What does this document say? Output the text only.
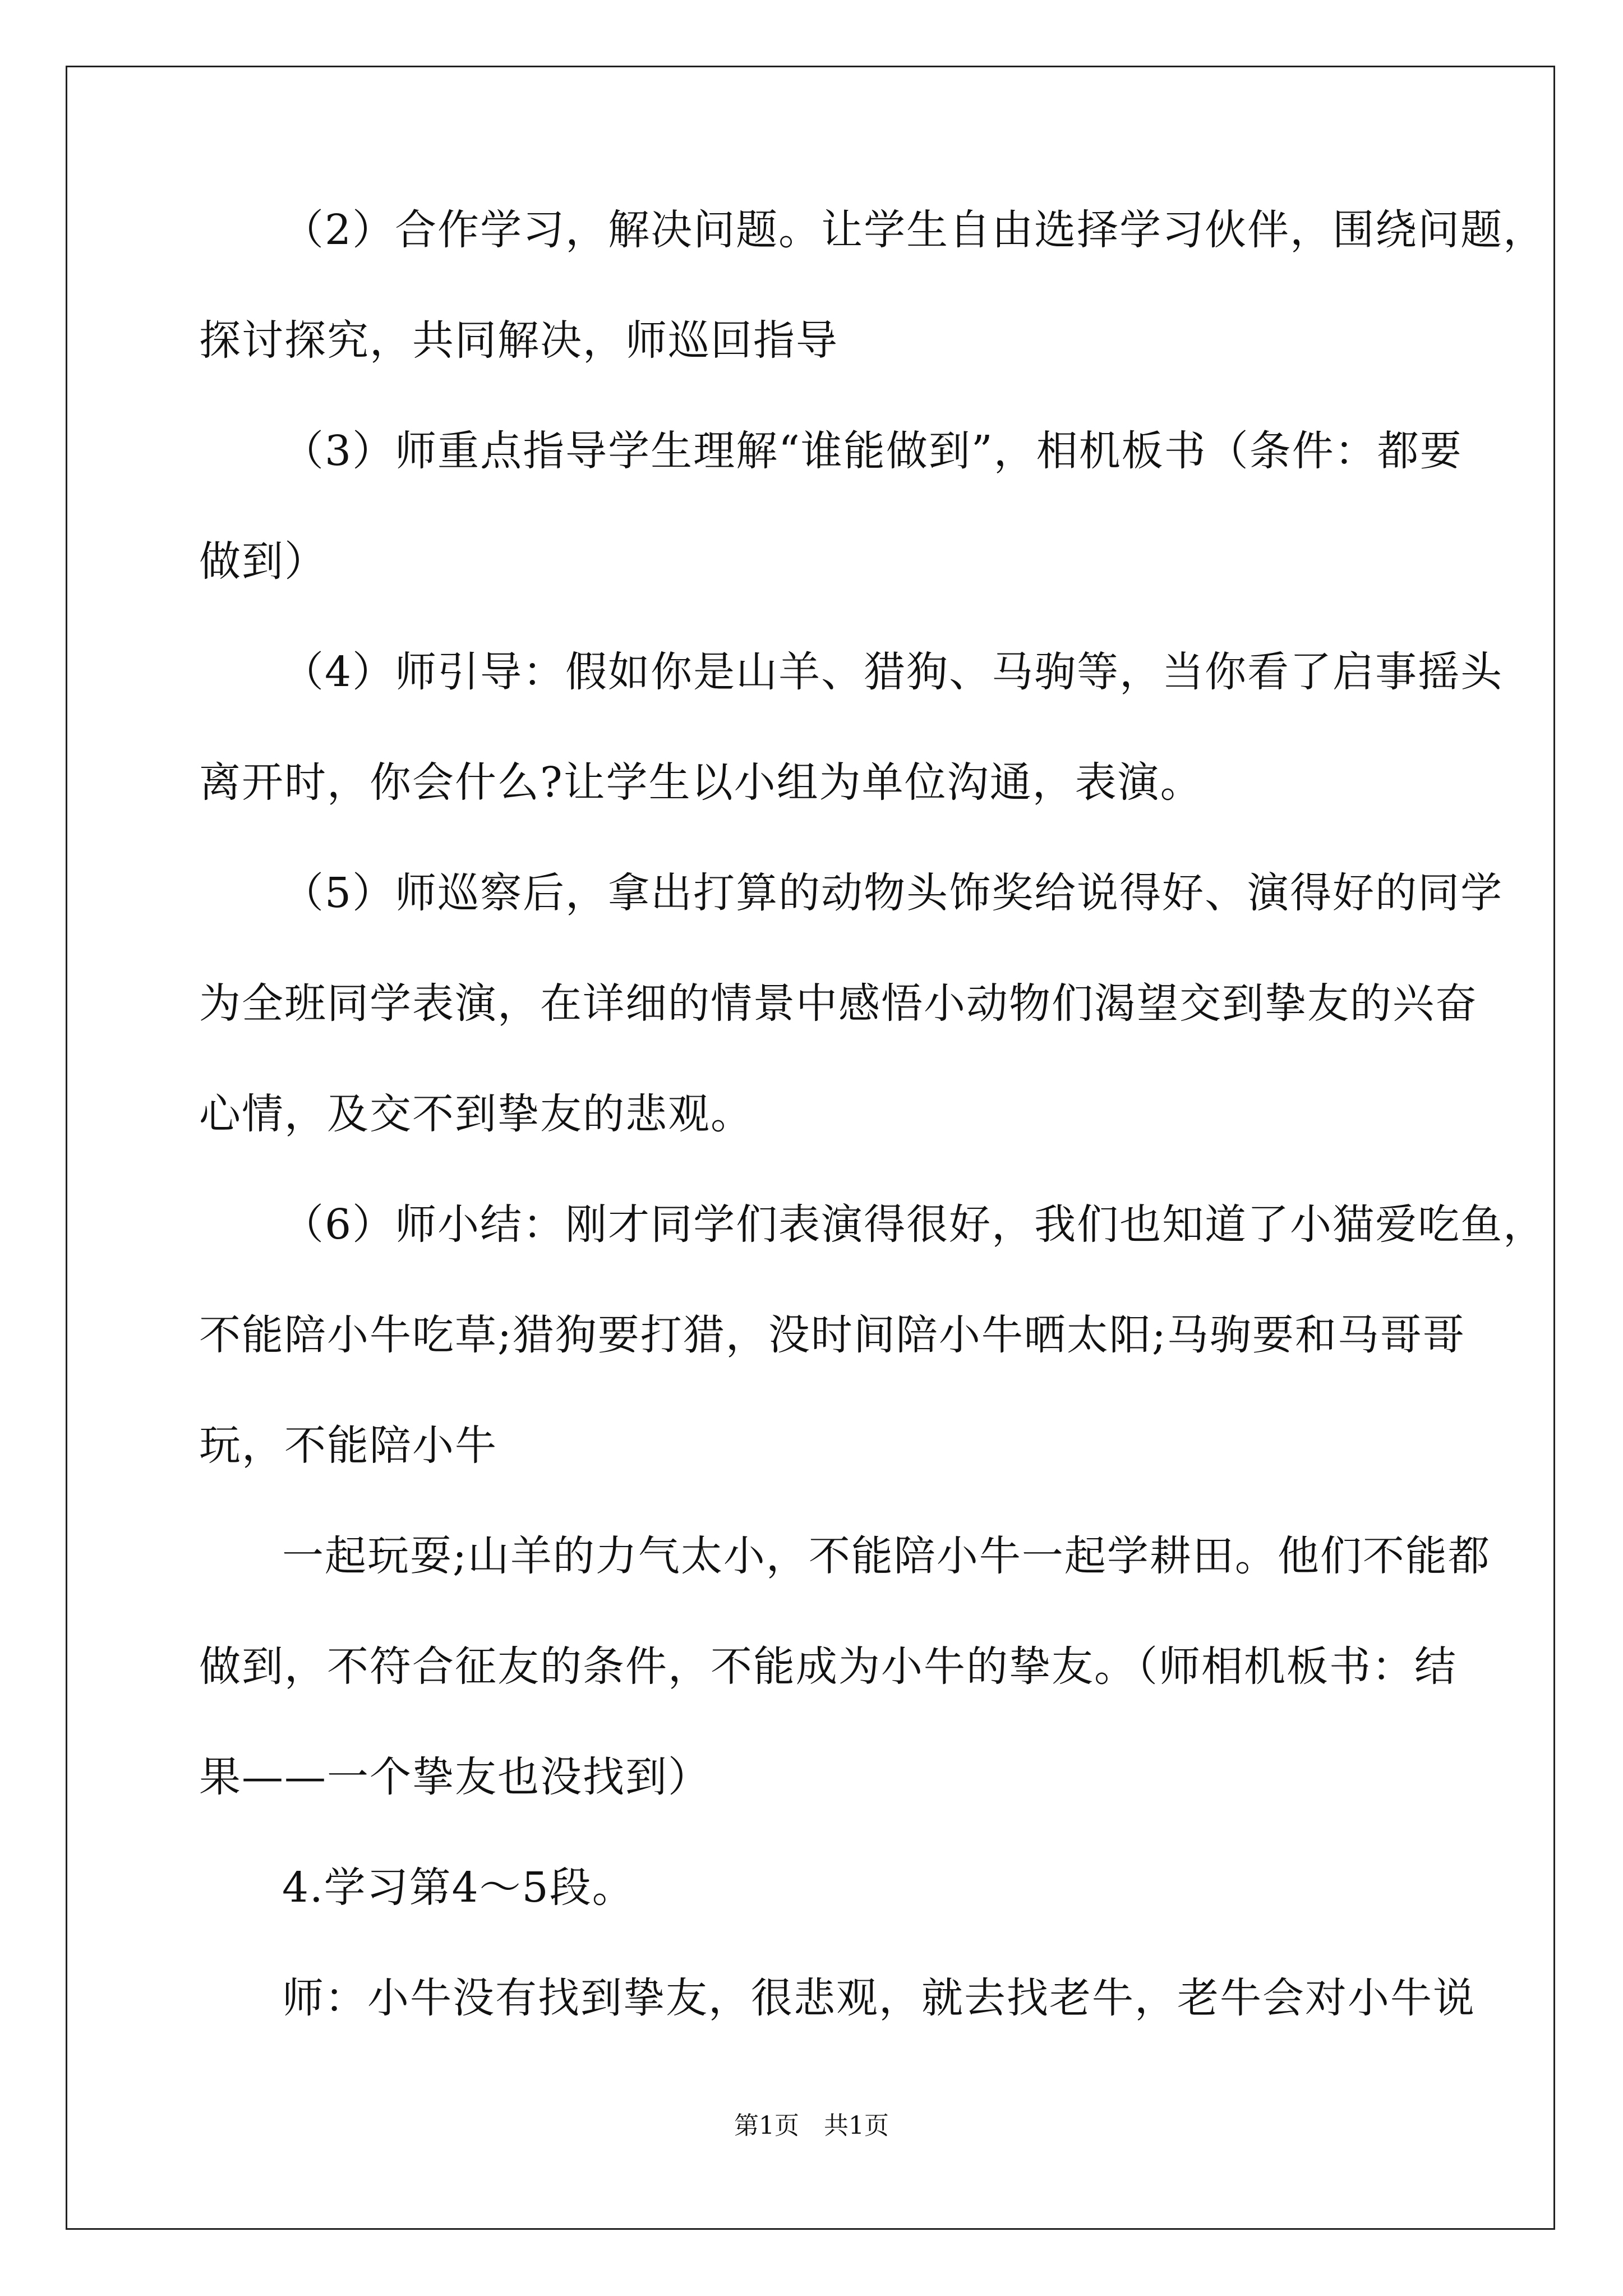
（2）合作学习，解决问题。让学生自由选择学习伙伴，围绕问题，
探讨探究，共同解决，师巡回指导
（3）师重点指导学生理解“谁能做到”，相机板书（条件：都要
做到）
（4）师引导：假如你是山羊、猎狗、马驹等，当你看了启事摇头
离开时，你会什么?让学生以小组为单位沟通，表演。
（5）师巡察后，拿出打算的动物头饰奖给说得好、演得好的同学
为全班同学表演，在详细的情景中感悟小动物们渴望交到挚友的兴奋
心情，及交不到挚友的悲观。
（6）师小结：刚才同学们表演得很好，我们也知道了小猫爱吃鱼，
不能陪小牛吃草;猎狗要打猎，没时间陪小牛晒太阳;马驹要和马哥哥
玩，不能陪小牛
一起玩耍;山羊的力气太小，不能陪小牛一起学耕田。他们不能都
做到，不符合征友的条件，不能成为小牛的挚友。（师相机板书：结
果——一个挚友也没找到）
4.学习第4～5段。
师：小牛没有找到挚友，很悲观，就去找老牛，老牛会对小牛说
第1页　共1页
